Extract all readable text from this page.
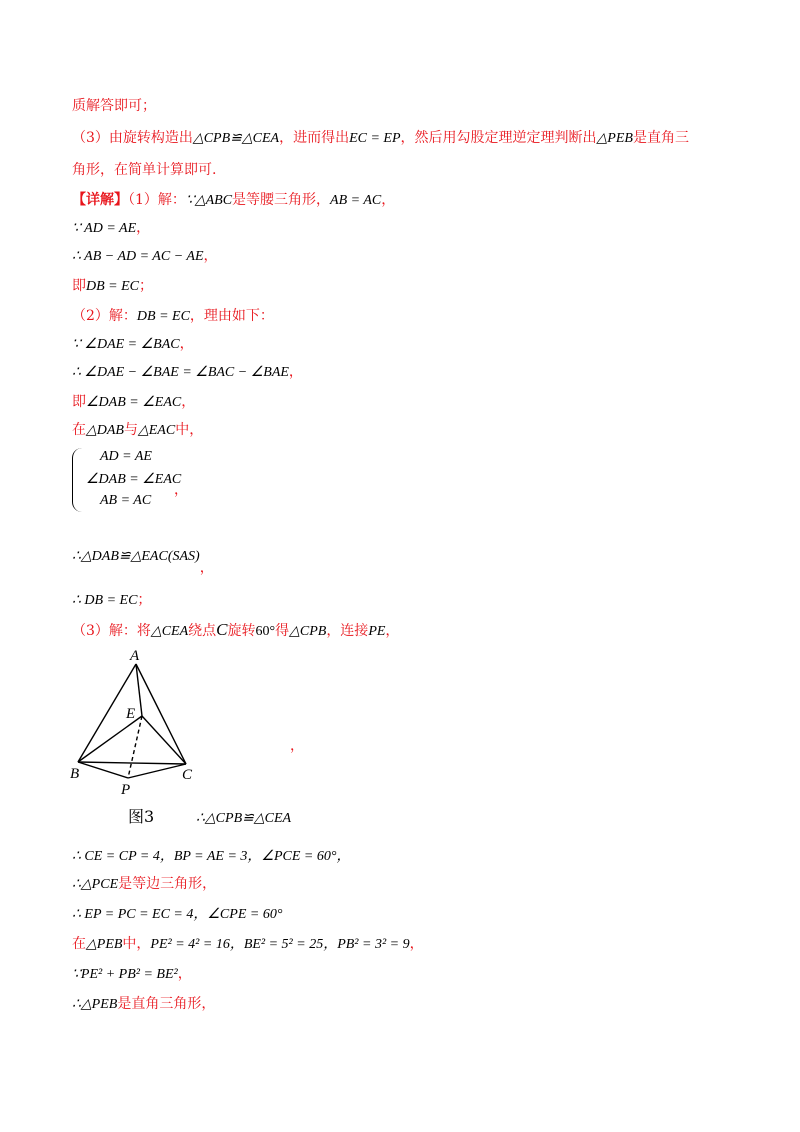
质解答即可；
（3）由旋转构造出△CPB≌△CEA，进而得出EC = EP，然后用勾股定理逆定理判断出△PEB是直角三
角形，在简单计算即可.
【详解】（1）解：∵△ABC是等腰三角形，AB = AC，
∵ AD = AE，
∴ AB − AD = AC − AE，
即DB = EC；
（2）解：DB = EC，理由如下：
∵ ∠DAE = ∠BAC，
∴ ∠DAE − ∠BAE = ∠BAC − ∠BAE，
即∠DAB = ∠EAC，
在△DAB与△EAC中，
AD = AE
∠DAB = ∠EAC
AB = AC
，
∴△DAB≌△EAC(SAS)，
∴ DB = EC；
（3）解：将△CEA绕点C旋转60°得△CPB，连接PE，
A
E
B	C
P
，
图3	∴△CPB≌△CEA
∴ CE = CP = 4，BP = AE = 3，∠PCE = 60°，
∴△PCE是等边三角形，
∴ EP = PC = EC = 4，∠CPE = 60°
在△PEB中，PE² = 4² = 16，BE² = 5² = 25，PB² = 3² = 9，
∵PE² + PB² = BE²，
∴△PEB是直角三角形，
